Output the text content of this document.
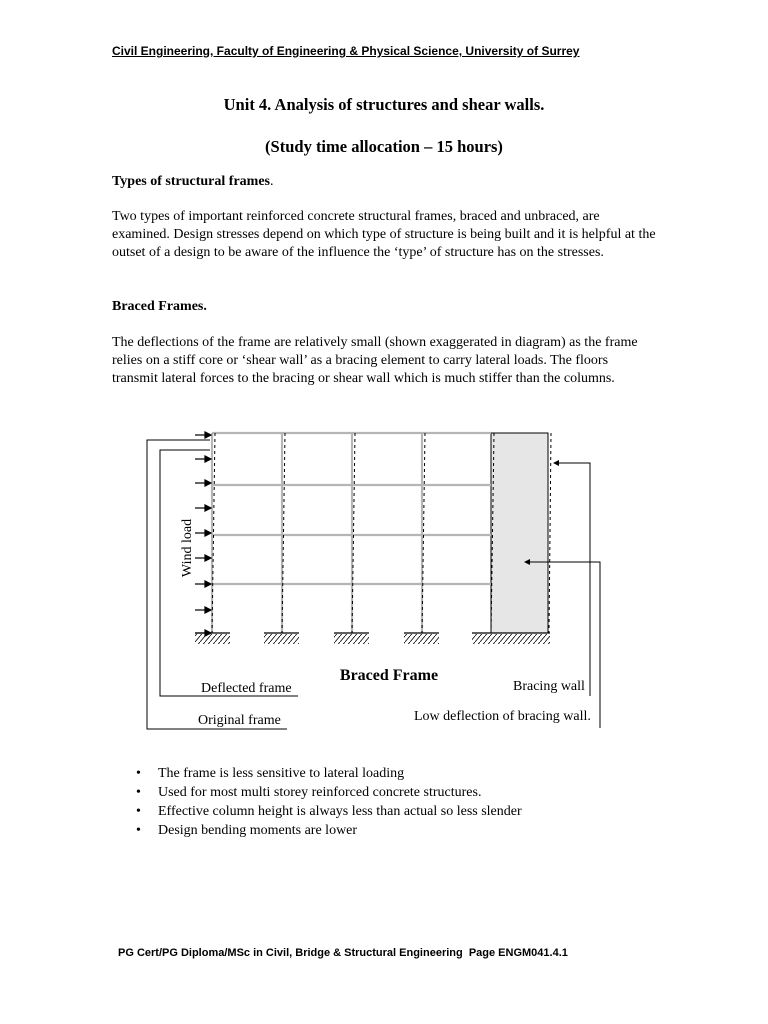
Civil Engineering, Faculty of Engineering & Physical Science, University of Surrey
Unit 4. Analysis of structures and shear walls.
(Study time allocation – 15 hours)
Types of structural frames.
Two types of important reinforced concrete structural frames, braced and unbraced, are examined. Design stresses depend on which type of structure is being built and it is helpful at the outset of a design to be aware of the influence the ‘type’ of structure has on the stresses.
Braced Frames.
The deflections of the frame are relatively small (shown exaggerated in diagram) as the frame relies on a stiff core or ‘shear wall’ as a bracing element to carry lateral loads. The floors transmit lateral forces to the bracing or shear wall which is much stiffer than the columns.
Wind load
Braced Frame
Deflected frame
Original frame
Bracing wall
Low deflection of bracing wall.
• The frame is less sensitive to lateral loading
• Used for most multi storey reinforced concrete structures.
• Effective column height is always less than actual so less slender
• Design bending moments are lower
PG Cert/PG Diploma/MSc in Civil, Bridge & Structural Engineering  Page ENGM041.4.1
